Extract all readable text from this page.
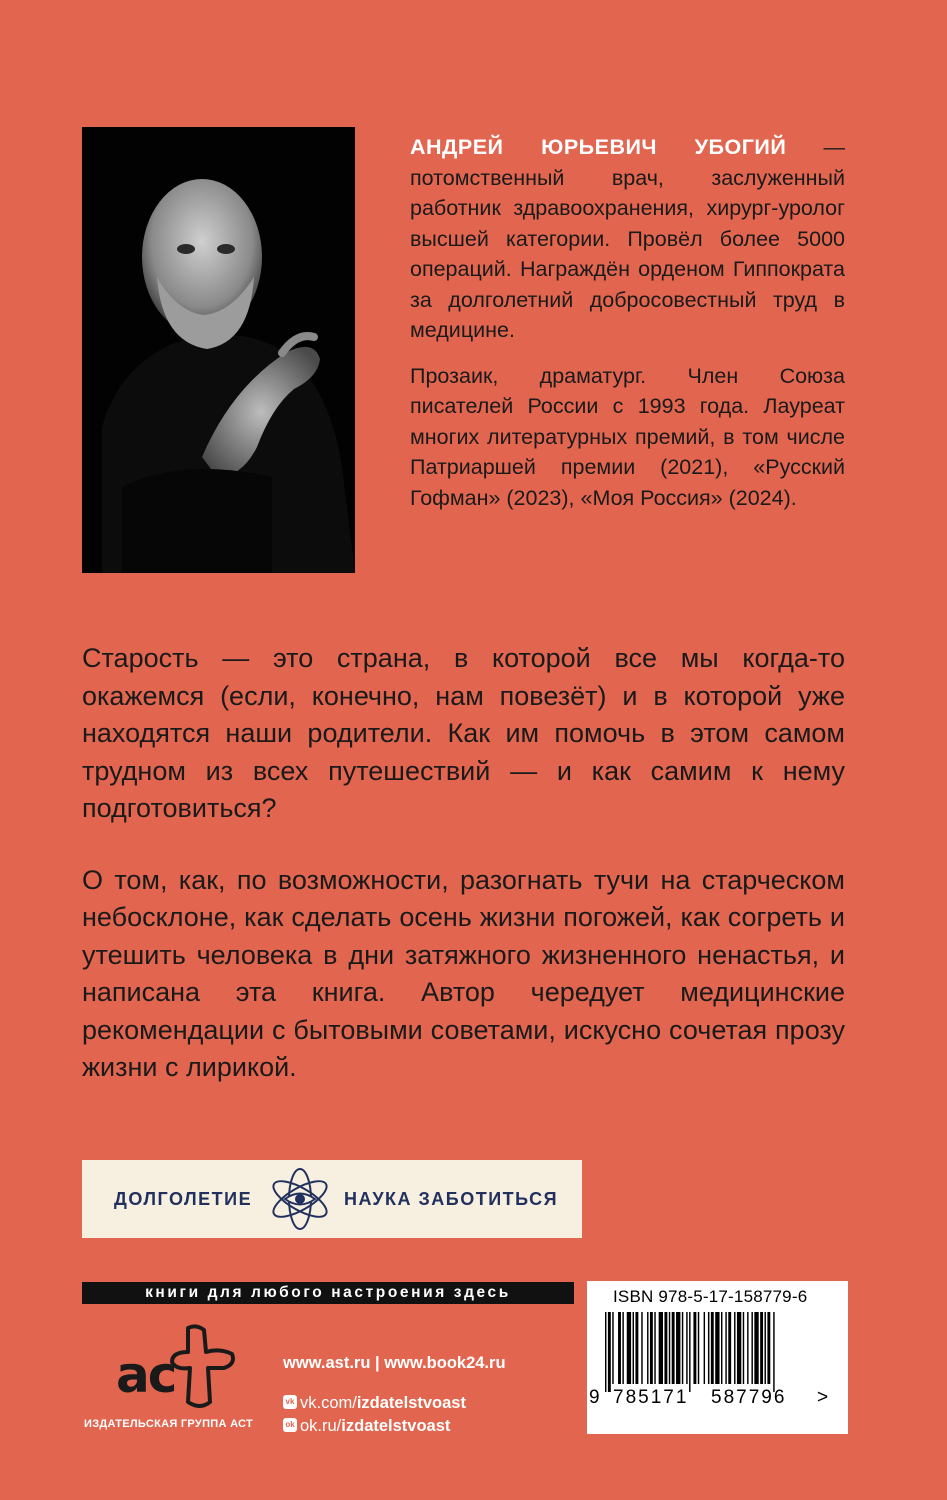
АНДРЕЙ ЮРЬЕВИЧ УБОГИЙ — потомственный врач, заслуженный работник здравоохранения, хирург-уролог высшей категории. Провёл более 5000 операций. Награждён орденом Гиппократа за долголетний добросовестный труд в медицине.

Прозаик, драматург. Член Союза писателей России с 1993 года. Лауреат многих литературных премий, в том числе Патриаршей премии (2021), «Русский Гофман» (2023), «Моя Россия» (2024).

Старость — это страна, в которой все мы когда-то окажемся (если, конечно, нам повезёт) и в которой уже находятся наши родители. Как им помочь в этом самом трудном из всех путешествий — и как самим к нему подготовиться?

О том, как, по возможности, разогнать тучи на старческом небосклоне, как сделать осень жизни погожей, как согреть и утешить человека в дни затяжного жизненного ненастья, и написана эта книга. Автор чередует медицинские рекомендации с бытовыми советами, искусно сочетая прозу жизни с лирикой.

ДОЛГОЛЕТИЕ	НАУКА ЗАБОТИТЬСЯ
книги для любого настроения здесь
ас
ИЗДАТЕЛЬСКАЯ ГРУППА АСТ
www.ast.ru | www.book24.ru
vk vk.com/izdatelstvoast
ok ok.ru/izdatelstvoast
ISBN 978-5-17-158779-6
9 785171 587796 >
